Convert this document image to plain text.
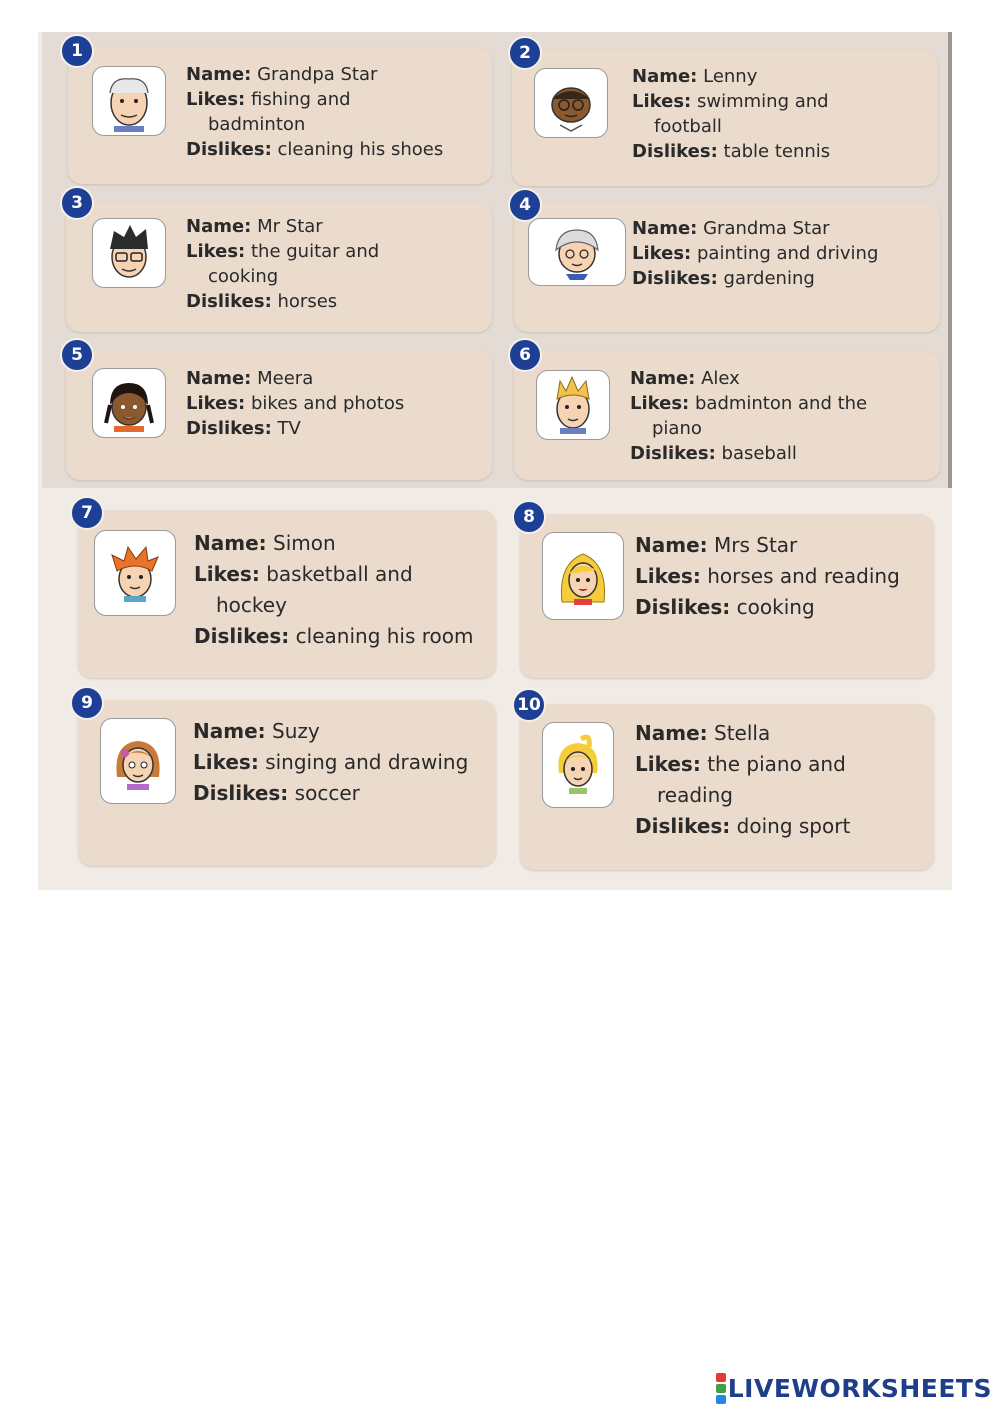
1
Name: Grandpa Star
Likes: fishing and
badminton
Dislikes: cleaning his shoes
2
Name: Lenny
Likes: swimming and
football
Dislikes: table tennis
3
Name: Mr Star
Likes: the guitar and
cooking
Dislikes: horses
4
Name: Grandma Star
Likes: painting and driving
Dislikes: gardening
5
Name: Meera
Likes: bikes and photos
Dislikes: TV
6
Name: Alex
Likes: badminton and the
piano
Dislikes: baseball
7
Name: Simon
Likes: basketball and
hockey
Dislikes: cleaning his room
8
Name: Mrs Star
Likes: horses and reading
Dislikes: cooking
9
Name: Suzy
Likes: singing and drawing
Dislikes: soccer
10
Name: Stella
Likes: the piano and
reading
Dislikes: doing sport
LIVEWORKSHEETS
